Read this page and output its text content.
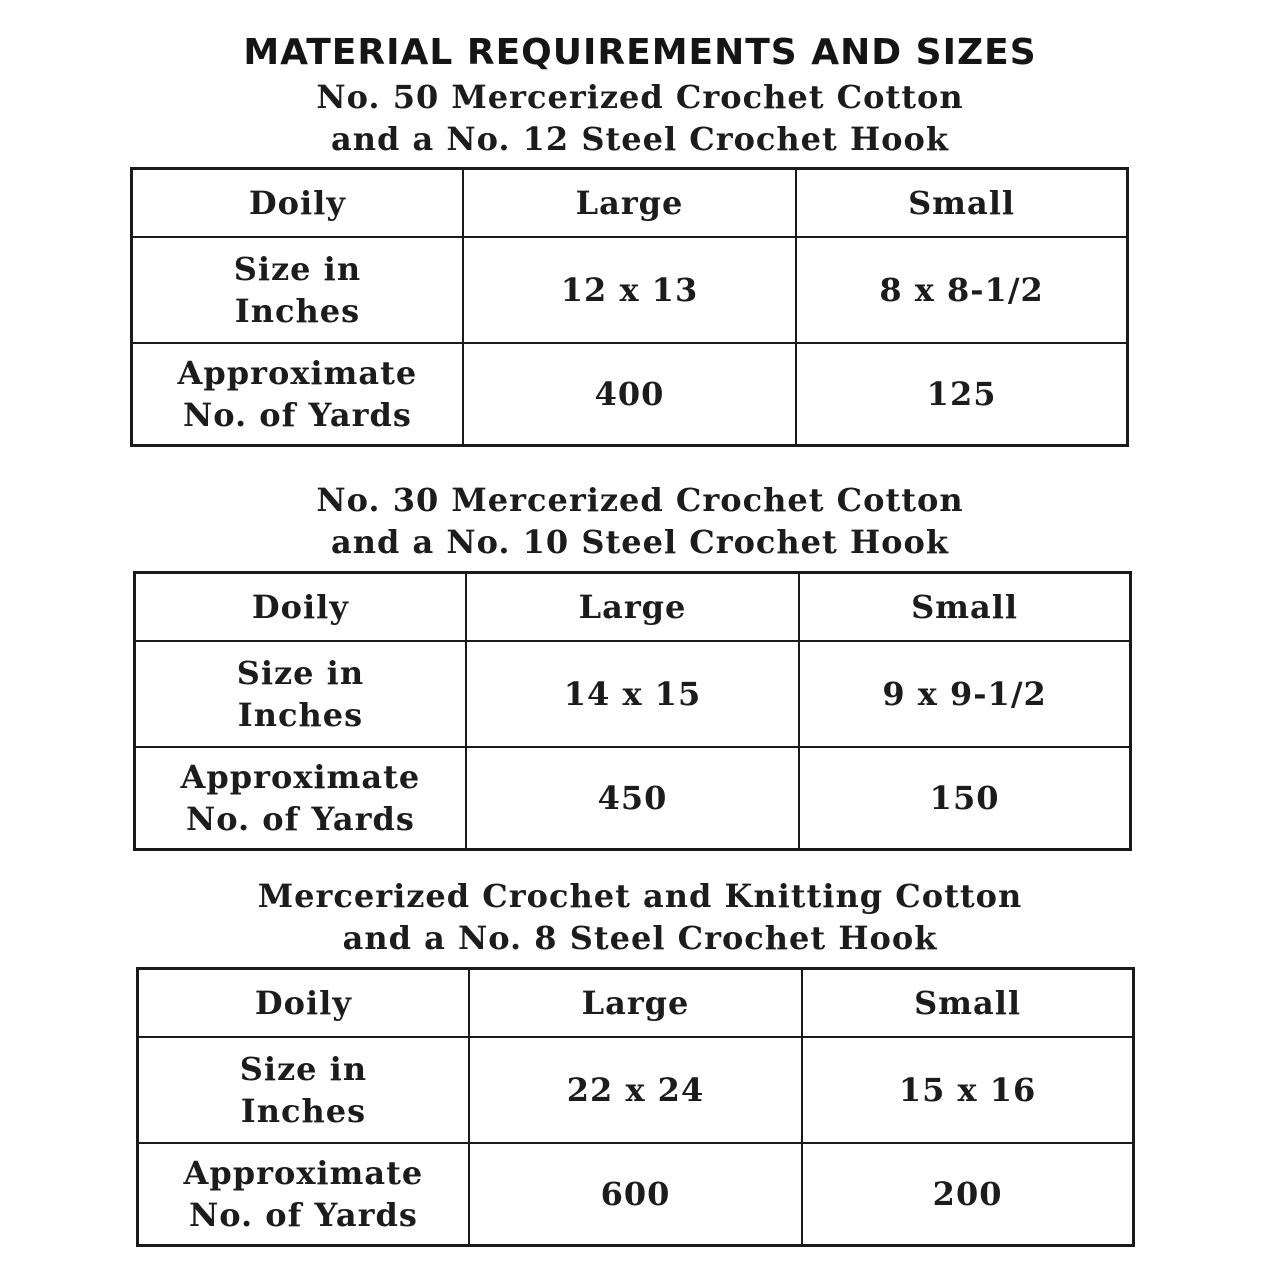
MATERIAL REQUIREMENTS AND SIZES
No. 50 Mercerized Crochet Cotton
and a No. 12 Steel Crochet Hook
Doily	Large	Small

Size in
Inches	12 x 13	8 x 8-1/2

Approximate
No. of Yards	400	125
No. 30 Mercerized Crochet Cotton
and a No. 10 Steel Crochet Hook
Doily	Large	Small

Size in
Inches	14 x 15	9 x 9-1/2

Approximate
No. of Yards	450	150
Mercerized Crochet and Knitting Cotton
and a No. 8 Steel Crochet Hook
Doily	Large	Small

Size in
Inches	22 x 24	15 x 16

Approximate
No. of Yards	600	200
